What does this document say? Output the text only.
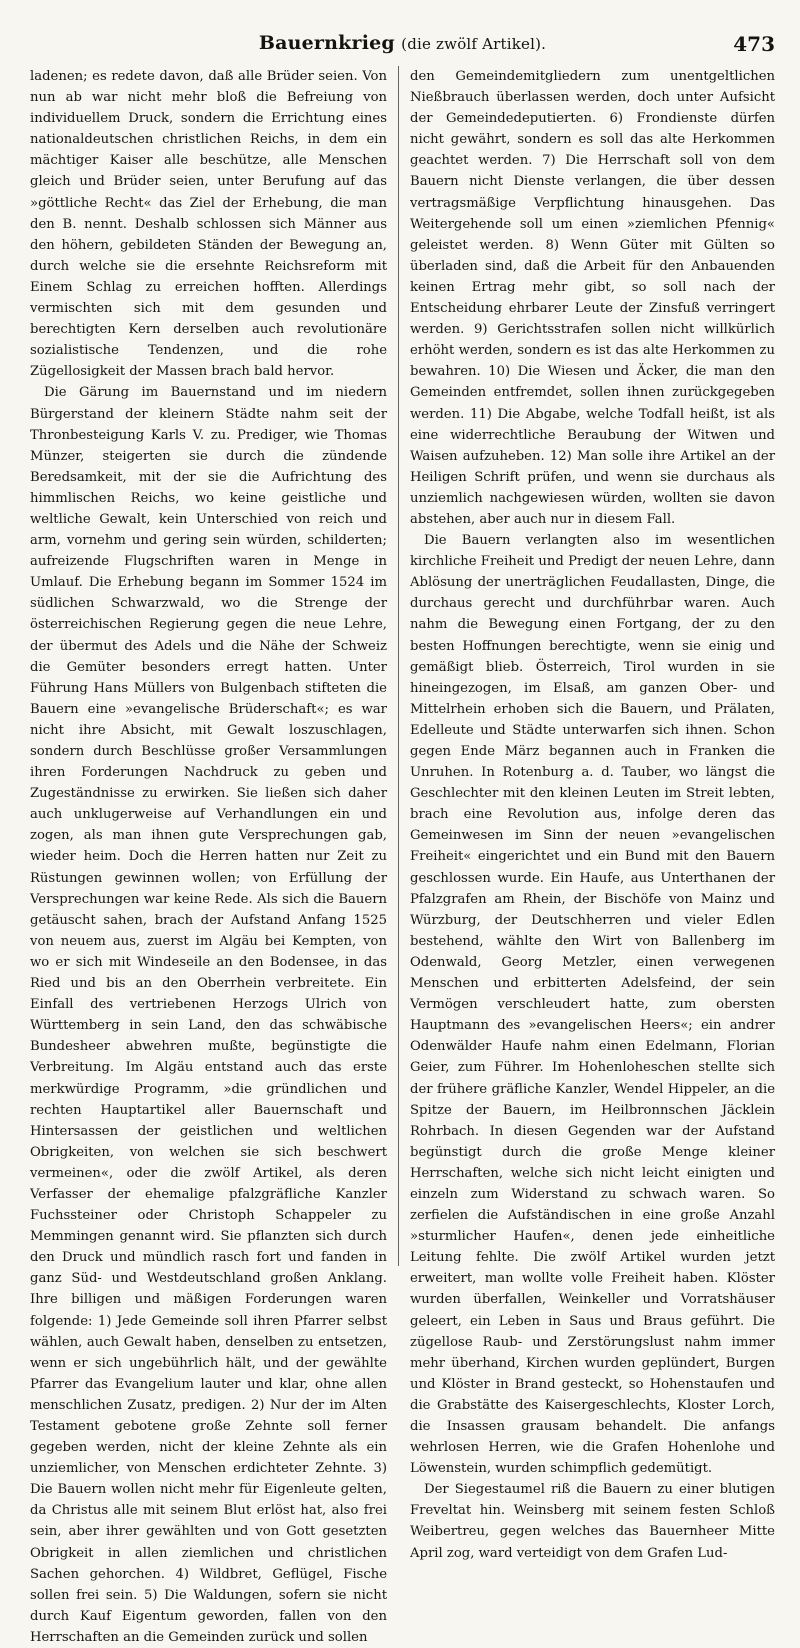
Bauernkrieg (die zwölf Artikel).	473

ladenen; es redete davon, daß alle Brüder seien. Von nun ab war nicht mehr bloß die Befreiung von individuellem Druck, sondern die Errichtung eines nationaldeutschen christlichen Reichs, in dem ein mächtiger Kaiser alle beschütze, alle Menschen gleich und Brüder seien, unter Berufung auf das »göttliche Recht« das Ziel der Erhebung, die man den B. nennt. Deshalb schlossen sich Männer aus den höhern, gebildeten Ständen der Bewegung an, durch welche sie die ersehnte Reichsreform mit Einem Schlag zu erreichen hofften. Allerdings vermischten sich mit dem gesunden und berechtigten Kern derselben auch revolutionäre sozialistische Tendenzen, und die rohe Zügellosigkeit der Massen brach bald hervor.

Die Gärung im Bauernstand und im niedern Bürgerstand der kleinern Städte nahm seit der Thronbesteigung Karls V. zu. Prediger, wie Thomas Münzer, steigerten sie durch die zündende Beredsamkeit, mit der sie die Aufrichtung des himmlischen Reichs, wo keine geistliche und weltliche Gewalt, kein Unterschied von reich und arm, vornehm und gering sein würden, schilderten; aufreizende Flugschriften waren in Menge in Umlauf. Die Erhebung begann im Sommer 1524 im südlichen Schwarzwald, wo die Strenge der österreichischen Regierung gegen die neue Lehre, der übermut des Adels und die Nähe der Schweiz die Gemüter besonders erregt hatten. Unter Führung Hans Müllers von Bulgenbach stifteten die Bauern eine »evangelische Brüderschaft«; es war nicht ihre Absicht, mit Gewalt loszuschlagen, sondern durch Beschlüsse großer Versammlungen ihren Forderungen Nachdruck zu geben und Zugeständnisse zu erwirken. Sie ließen sich daher auch unklugerweise auf Verhandlungen ein und zogen, als man ihnen gute Versprechungen gab, wieder heim. Doch die Herren hatten nur Zeit zu Rüstungen gewinnen wollen; von Erfüllung der Versprechungen war keine Rede. Als sich die Bauern getäuscht sahen, brach der Aufstand Anfang 1525 von neuem aus, zuerst im Algäu bei Kempten, von wo er sich mit Windeseile an den Bodensee, in das Ried und bis an den Oberrhein verbreitete. Ein Einfall des vertriebenen Herzogs Ulrich von Württemberg in sein Land, den das schwäbische Bundesheer abwehren mußte, begünstigte die Verbreitung. Im Algäu entstand auch das erste merkwürdige Programm, »die gründlichen und rechten Hauptartikel aller Bauernschaft und Hintersassen der geistlichen und weltlichen Obrigkeiten, von welchen sie sich beschwert vermeinen«, oder die zwölf Artikel, als deren Verfasser der ehemalige pfalzgräfliche Kanzler Fuchssteiner oder Christoph Schappeler zu Memmingen genannt wird. Sie pflanzten sich durch den Druck und mündlich rasch fort und fanden in ganz Süd- und Westdeutschland großen Anklang. Ihre billigen und mäßigen Forderungen waren folgende: 1) Jede Gemeinde soll ihren Pfarrer selbst wählen, auch Gewalt haben, denselben zu entsetzen, wenn er sich ungebührlich hält, und der gewählte Pfarrer das Evangelium lauter und klar, ohne allen menschlichen Zusatz, predigen. 2) Nur der im Alten Testament gebotene große Zehnte soll ferner gegeben werden, nicht der kleine Zehnte als ein unziemlicher, von Menschen erdichteter Zehnte. 3) Die Bauern wollen nicht mehr für Eigenleute gelten, da Christus alle mit seinem Blut erlöst hat, also frei sein, aber ihrer gewählten und von Gott gesetzten Obrigkeit in allen ziemlichen und christlichen Sachen gehorchen. 4) Wildbret, Geflügel, Fische sollen frei sein. 5) Die Waldungen, sofern sie nicht durch Kauf Eigentum geworden, fallen von den Herrschaften an die Gemeinden zurück und sollen

den Gemeindemitgliedern zum unentgeltlichen Nießbrauch überlassen werden, doch unter Aufsicht der Gemeindedeputierten. 6) Frondienste dürfen nicht gewährt, sondern es soll das alte Herkommen geachtet werden. 7) Die Herrschaft soll von dem Bauern nicht Dienste verlangen, die über dessen vertragsmäßige Verpflichtung hinausgehen. Das Weitergehende soll um einen »ziemlichen Pfennig« geleistet werden. 8) Wenn Güter mit Gülten so überladen sind, daß die Arbeit für den Anbauenden keinen Ertrag mehr gibt, so soll nach der Entscheidung ehrbarer Leute der Zinsfuß verringert werden. 9) Gerichtsstrafen sollen nicht willkürlich erhöht werden, sondern es ist das alte Herkommen zu bewahren. 10) Die Wiesen und Äcker, die man den Gemeinden entfremdet, sollen ihnen zurückgegeben werden. 11) Die Abgabe, welche Todfall heißt, ist als eine widerrechtliche Beraubung der Witwen und Waisen aufzuheben. 12) Man solle ihre Artikel an der Heiligen Schrift prüfen, und wenn sie durchaus als unziemlich nachgewiesen würden, wollten sie davon abstehen, aber auch nur in diesem Fall.

Die Bauern verlangten also im wesentlichen kirchliche Freiheit und Predigt der neuen Lehre, dann Ablösung der unerträglichen Feudallasten, Dinge, die durchaus gerecht und durchführbar waren. Auch nahm die Bewegung einen Fortgang, der zu den besten Hoffnungen berechtigte, wenn sie einig und gemäßigt blieb. Österreich, Tirol wurden in sie hineingezogen, im Elsaß, am ganzen Ober- und Mittelrhein erhoben sich die Bauern, und Prälaten, Edelleute und Städte unterwarfen sich ihnen. Schon gegen Ende März begannen auch in Franken die Unruhen. In Rotenburg a. d. Tauber, wo längst die Geschlechter mit den kleinen Leuten im Streit lebten, brach eine Revolution aus, infolge deren das Gemeinwesen im Sinn der neuen »evangelischen Freiheit« eingerichtet und ein Bund mit den Bauern geschlossen wurde. Ein Haufe, aus Unterthanen der Pfalzgrafen am Rhein, der Bischöfe von Mainz und Würzburg, der Deutschherren und vieler Edlen bestehend, wählte den Wirt von Ballenberg im Odenwald, Georg Metzler, einen verwegenen Menschen und erbitterten Adelsfeind, der sein Vermögen verschleudert hatte, zum obersten Hauptmann des »evangelischen Heers«; ein andrer Odenwälder Haufe nahm einen Edelmann, Florian Geier, zum Führer. Im Hohenloheschen stellte sich der frühere gräfliche Kanzler, Wendel Hippeler, an die Spitze der Bauern, im Heilbronnschen Jäcklein Rohrbach. In diesen Gegenden war der Aufstand begünstigt durch die große Menge kleiner Herrschaften, welche sich nicht leicht einigten und einzeln zum Widerstand zu schwach waren. So zerfielen die Aufständischen in eine große Anzahl »sturmlicher Haufen«, denen jede einheitliche Leitung fehlte. Die zwölf Artikel wurden jetzt erweitert, man wollte volle Freiheit haben. Klöster wurden überfallen, Weinkeller und Vorratshäuser geleert, ein Leben in Saus und Braus geführt. Die zügellose Raub- und Zerstörungslust nahm immer mehr überhand, Kirchen wurden geplündert, Burgen und Klöster in Brand gesteckt, so Hohenstaufen und die Grabstätte des Kaisergeschlechts, Kloster Lorch, die Insassen grausam behandelt. Die anfangs wehrlosen Herren, wie die Grafen Hohenlohe und Löwenstein, wurden schimpflich gedemütigt.

Der Siegestaumel riß die Bauern zu einer blutigen Freveltat hin. Weinsberg mit seinem festen Schloß Weibertreu, gegen welches das Bauernheer Mitte April zog, ward verteidigt von dem Grafen Lud-
